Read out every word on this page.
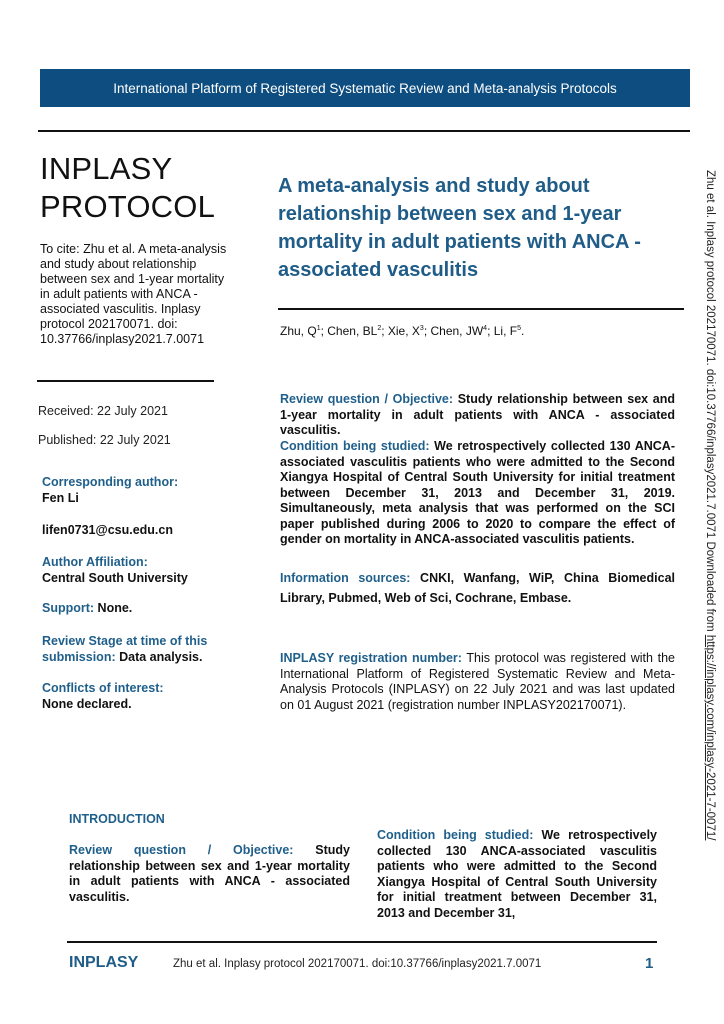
International Platform of Registered Systematic Review and Meta-analysis Protocols
INPLASY
PROTOCOL
To cite: Zhu et al. A meta-analysis and study about relationship between sex and 1-year mortality in adult patients with ANCA - associated vasculitis. Inplasy protocol 202170071. doi: 10.37766/inplasy2021.7.0071
Received: 22 July 2021
Published: 22 July 2021
Corresponding author:
Fen Li
lifen0731@csu.edu.cn
Author Affiliation:
Central South University
Support: None.
Review Stage at time of this submission: Data analysis.
Conflicts of interest:
None declared.
A meta-analysis and study about relationship between sex and 1-year mortality in adult patients with ANCA - associated vasculitis
Zhu, $Q^1$; Chen, $BL^2$; Xie, $X^3$; Chen, $JW^4$; Li, $F^5$.
Review question / Objective: Study relationship between sex and 1-year mortality in adult patients with ANCA - associated vasculitis.
Condition being studied: We retrospectively collected 130 ANCA-associated vasculitis patients who were admitted to the Second Xiangya Hospital of Central South University for initial treatment between December 31, 2013 and December 31, 2019. Simultaneously, meta analysis that was performed on the SCI paper published during 2006 to 2020 to compare the effect of gender on mortality in ANCA-associated vasculitis patients.
Information sources: CNKI, Wanfang, WiP, China Biomedical Library, Pubmed, Web of Sci, Cochrane, Embase.
INPLASY registration number: This protocol was registered with the International Platform of Registered Systematic Review and Meta-Analysis Protocols (INPLASY) on 22 July 2021 and was last updated on 01 August 2021 (registration number INPLASY202170071).
INTRODUCTION
Review question / Objective: Study relationship between sex and 1-year mortality in adult patients with ANCA - associated vasculitis.
Condition being studied: We retrospectively collected 130 ANCA-associated vasculitis patients who were admitted to the Second Xiangya Hospital of Central South University for initial treatment between December 31, 2013 and December 31,
INPLASY	Zhu et al. Inplasy protocol 202170071. doi:10.37766/inplasy2021.7.0071	1
Zhu et al. Inplasy protocol 202170071. doi:10.37766/inplasy2021.7.0071 Downloaded from https://inplasy.com/inplasy-2021-7-0071/
